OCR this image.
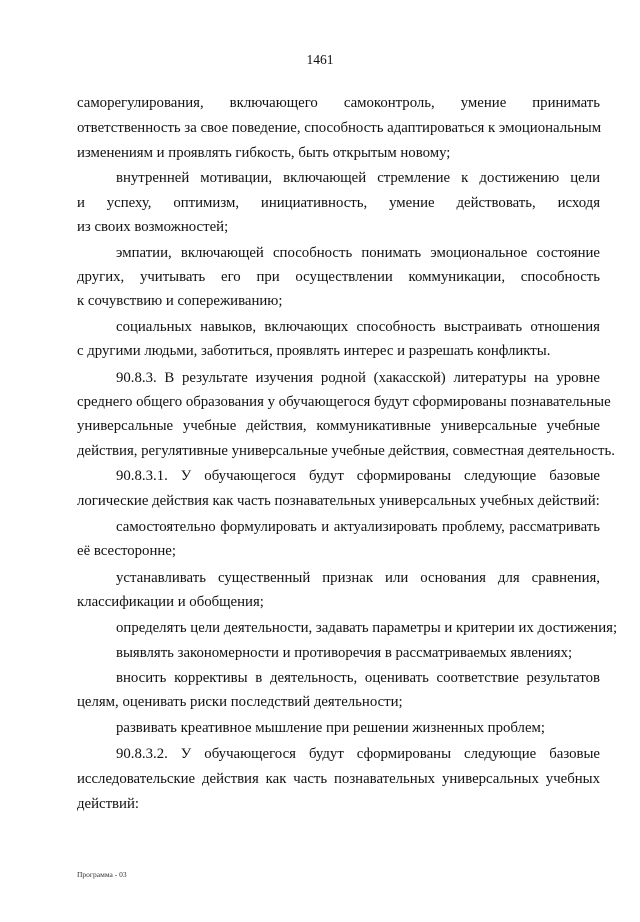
1461
саморегулирования, включающего самоконтроль, умение принимать
ответственность за свое поведение, способность адаптироваться к эмоциональным
изменениям и проявлять гибкость, быть открытым новому;
внутренней мотивации, включающей стремление к достижению цели
и успеху, оптимизм, инициативность, умение действовать, исходя
из своих возможностей;
эмпатии, включающей способность понимать эмоциональное состояние
других, учитывать его при осуществлении коммуникации, способность
к сочувствию и сопереживанию;
социальных навыков, включающих способность выстраивать отношения
с другими людьми, заботиться, проявлять интерес и разрешать конфликты.
90.8.3. В результате изучения родной (хакасской) литературы на уровне
среднего общего образования у обучающегося будут сформированы познавательные
универсальные учебные действия, коммуникативные универсальные учебные
действия, регулятивные универсальные учебные действия, совместная деятельность.
90.8.3.1. У обучающегося будут сформированы следующие базовые
логические действия как часть познавательных универсальных учебных действий:
самостоятельно формулировать и актуализировать проблему, рассматривать
её всесторонне;
устанавливать существенный признак или основания для сравнения,
классификации и обобщения;
определять цели деятельности, задавать параметры и критерии их достижения;
выявлять закономерности и противоречия в рассматриваемых явлениях;
вносить коррективы в деятельность, оценивать соответствие результатов
целям, оценивать риски последствий деятельности;
развивать креативное мышление при решении жизненных проблем;
90.8.3.2. У обучающегося будут сформированы следующие базовые
исследовательские действия как часть познавательных универсальных учебных
действий:
Программа - 03
